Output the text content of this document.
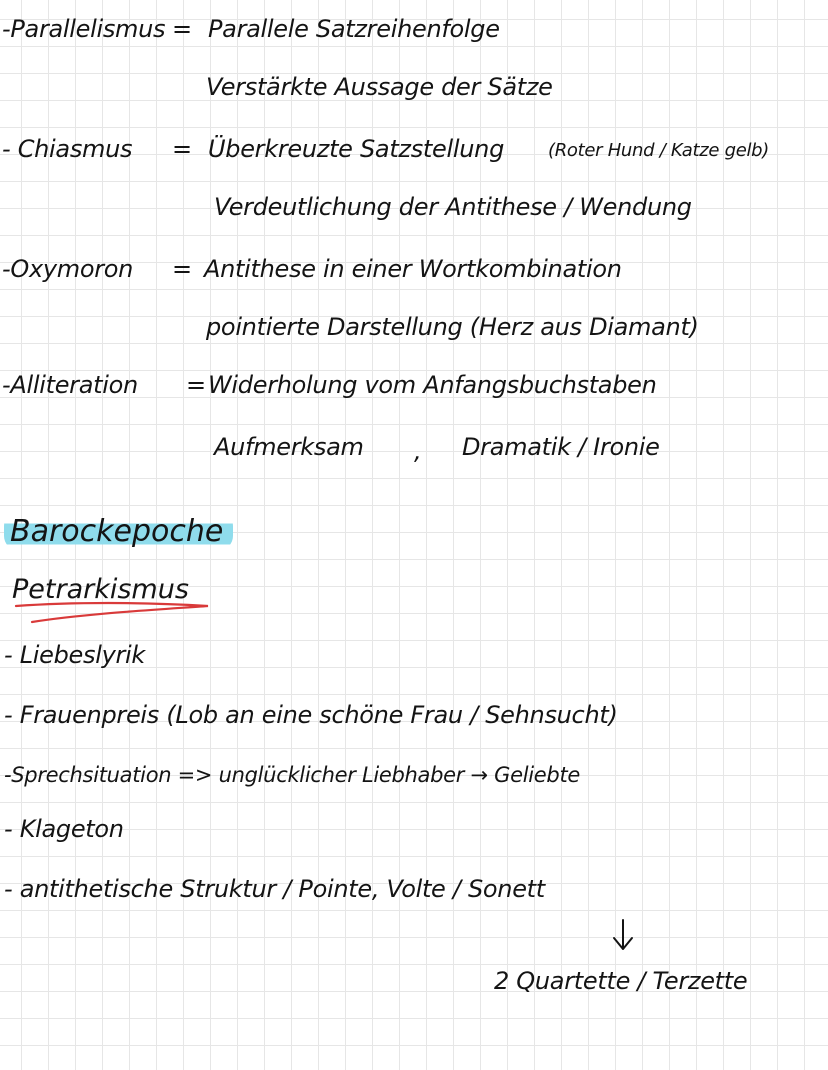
-Parallelismus = Parallele Satzreihenfolge
Verstärkte Aussage der Sätze
- Chiasmus = Überkreuzte Satzstellung (Roter Hund / Katze gelb)
Verdeutlichung der Antithese / Wendung
-Oxymoron = Antithese in einer Wortkombination
pointierte Darstellung (Herz aus Diamant)
-Alliteration = Widerholung vom Anfangsbuchstaben
Aufmerksam , Dramatik / Ironie
Barockepoche
Petrarkismus
- Liebeslyrik
- Frauenpreis (Lob an eine schöne Frau / Sehnsucht)
-Sprechsituation => unglücklicher Liebhaber → Geliebte
- Klageton
- antithetische Struktur / Pointe, Volte / Sonett
2 Quartette / Terzette
